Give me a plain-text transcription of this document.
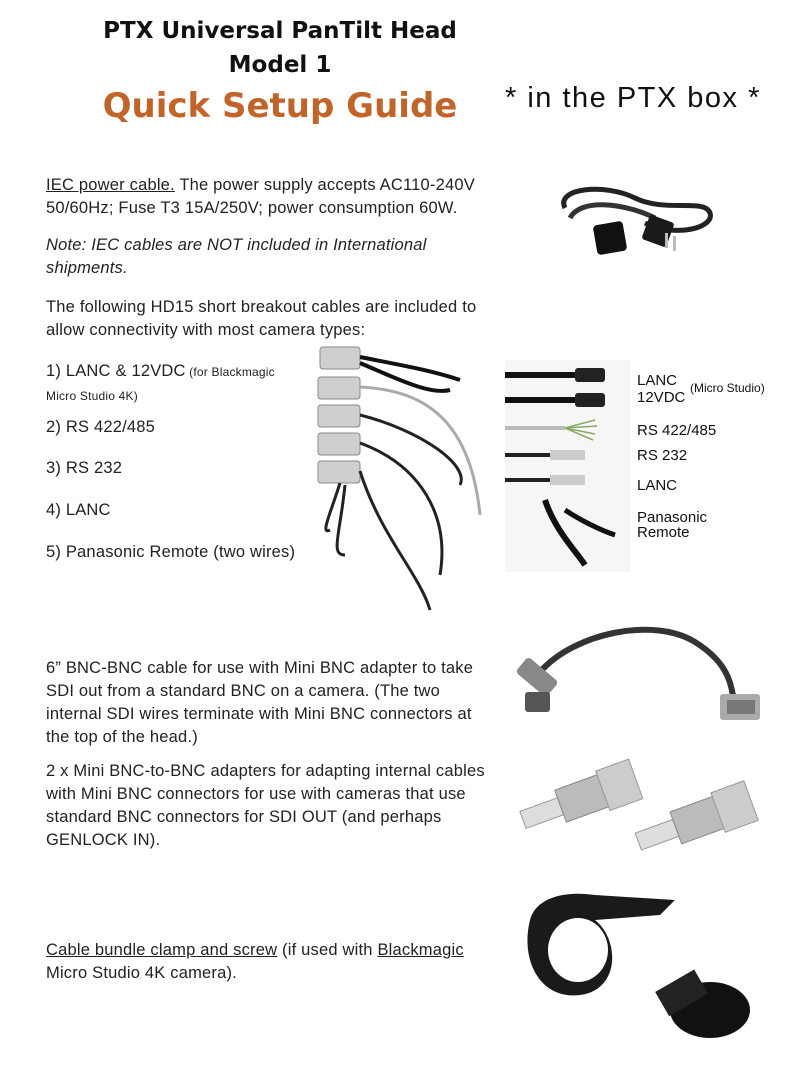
PTX Universal PanTilt Head
Model 1
Quick Setup Guide	* in the PTX box *
IEC power cable. The power supply accepts AC110-240V 50/60Hz; Fuse T3 15A/250V; power consumption 60W.
Note: IEC cables are NOT included in International shipments.
The following HD15 short breakout cables are included to allow connectivity with most camera types:
1) LANC & 12VDC (for Blackmagic
Micro Studio 4K)
2) RS 422/485
3) RS 232
4) LANC
5) Panasonic Remote (two wires)
LANC
12VDC
(Micro Studio)
RS 422/485
RS 232
LANC
Panasonic
Remote
6” BNC-BNC cable for use with Mini BNC adapter to take SDI out from a standard BNC on a camera. (The two internal SDI wires terminate with Mini BNC connectors at the top of the head.)
2 x Mini BNC-to-BNC adapters for adapting internal cables with Mini BNC connectors for use with cameras that use standard BNC connectors for SDI OUT (and perhaps GENLOCK IN).
Cable bundle clamp and screw (if used with Blackmagic Micro Studio 4K camera).
